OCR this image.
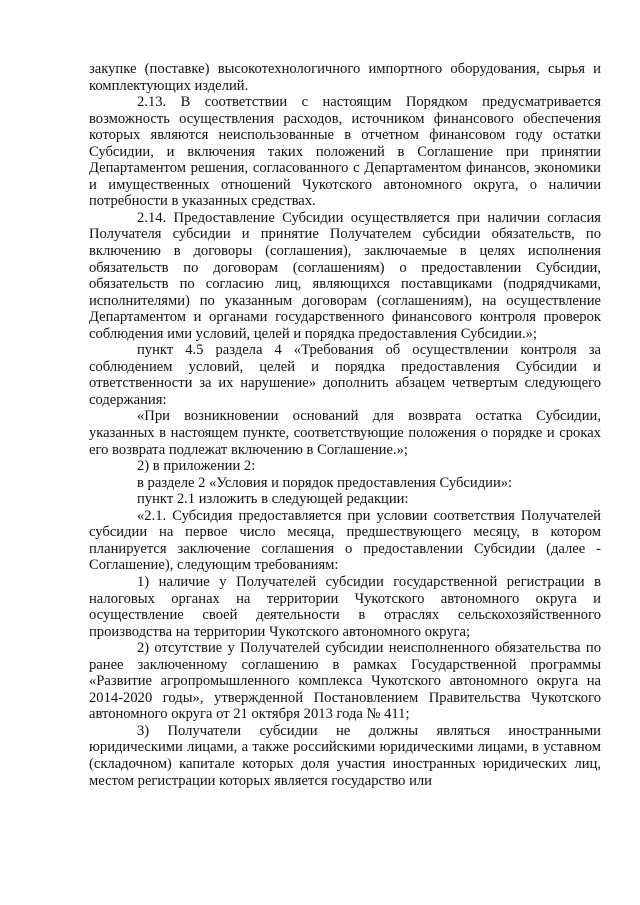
закупке (поставке) высокотехнологичного импортного оборудования, сырья и комплектующих изделий.

2.13. В соответствии с настоящим Порядком предусматривается возможность осуществления расходов, источником финансового обеспечения которых являются неиспользованные в отчетном финансовом году остатки Субсидии, и включения таких положений в Соглашение при принятии Департаментом решения, согласованного с Департаментом финансов, экономики и имущественных отношений Чукотского автономного округа, о наличии потребности в указанных средствах.

2.14. Предоставление Субсидии осуществляется при наличии согласия Получателя субсидии и принятие Получателем субсидии обязательств, по включению в договоры (соглашения), заключаемые в целях исполнения обязательств по договорам (соглашениям) о предоставлении Субсидии, обязательств по согласию лиц, являющихся поставщиками (подрядчиками, исполнителями) по указанным договорам (соглашениям), на осуществление Департаментом и органами государственного финансового контроля проверок соблюдения ими условий, целей и порядка предоставления Субсидии.»;

пункт 4.5 раздела 4 «Требования об осуществлении контроля за соблюдением условий, целей и порядка предоставления Субсидии и ответственности за их нарушение» дополнить абзацем четвертым следующего содержания:

«При возникновении оснований для возврата остатка Субсидии, указанных в настоящем пункте, соответствующие положения о порядке и сроках его возврата подлежат включению в Соглашение.»;

2) в приложении 2:

в разделе 2 «Условия и порядок предоставления Субсидии»:

пункт 2.1 изложить в следующей редакции:

«2.1. Субсидия предоставляется при условии соответствия Получателей субсидии на первое число месяца, предшествующего месяцу, в котором планируется заключение соглашения о предоставлении Субсидии (далее - Соглашение), следующим требованиям:

1) наличие у Получателей субсидии государственной регистрации в налоговых органах на территории Чукотского автономного округа и осуществление своей деятельности в отраслях сельскохозяйственного производства на территории Чукотского автономного округа;

2) отсутствие у Получателей субсидии неисполненного обязательства по ранее заключенному соглашению в рамках Государственной программы «Развитие агропромышленного комплекса Чукотского автономного округа на 2014-2020 годы», утвержденной Постановлением Правительства Чукотского автономного округа от 21 октября 2013 года № 411;

3) Получатели субсидии не должны являться иностранными юридическими лицами, а также российскими юридическими лицами, в уставном (складочном) капитале которых доля участия иностранных юридических лиц, местом регистрации которых является государство или
